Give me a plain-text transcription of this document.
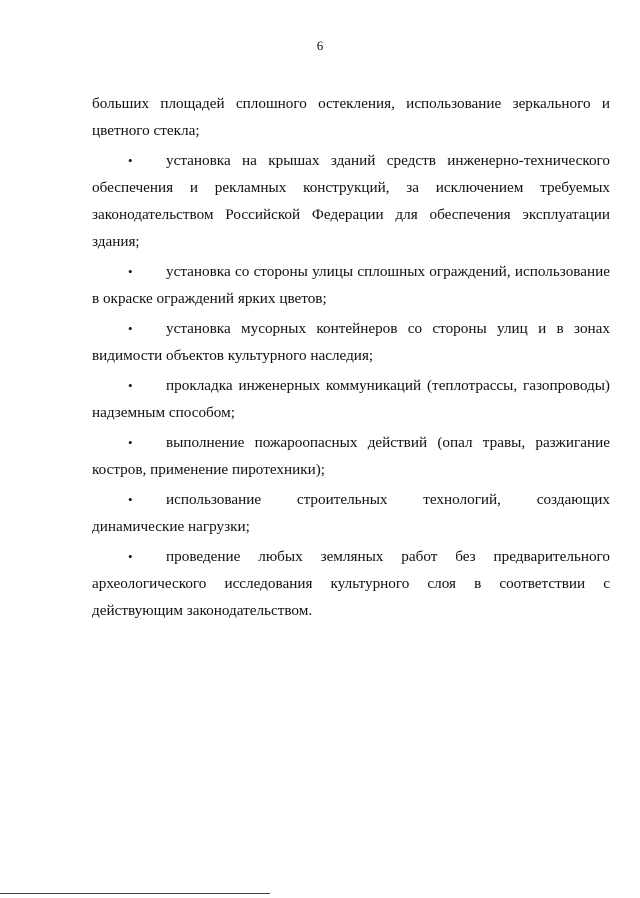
6

больших площадей сплошного остекления, использование зеркального и цветного стекла;

• установка на крышах зданий средств инженерно-технического обеспечения и рекламных конструкций, за исключением требуемых законодательством Российской Федерации для обеспечения эксплуатации здания;

• установка со стороны улицы сплошных ограждений, использование в окраске ограждений ярких цветов;

• установка мусорных контейнеров со стороны улиц и в зонах видимости объектов культурного наследия;

• прокладка инженерных коммуникаций (теплотрассы, газопроводы) надземным способом;

• выполнение пожароопасных действий (опал травы, разжигание костров, применение пиротехники);

• использование строительных технологий, создающих динамические нагрузки;

• проведение любых земляных работ без предварительного археологического исследования культурного слоя в соответствии с действующим законодательством.
